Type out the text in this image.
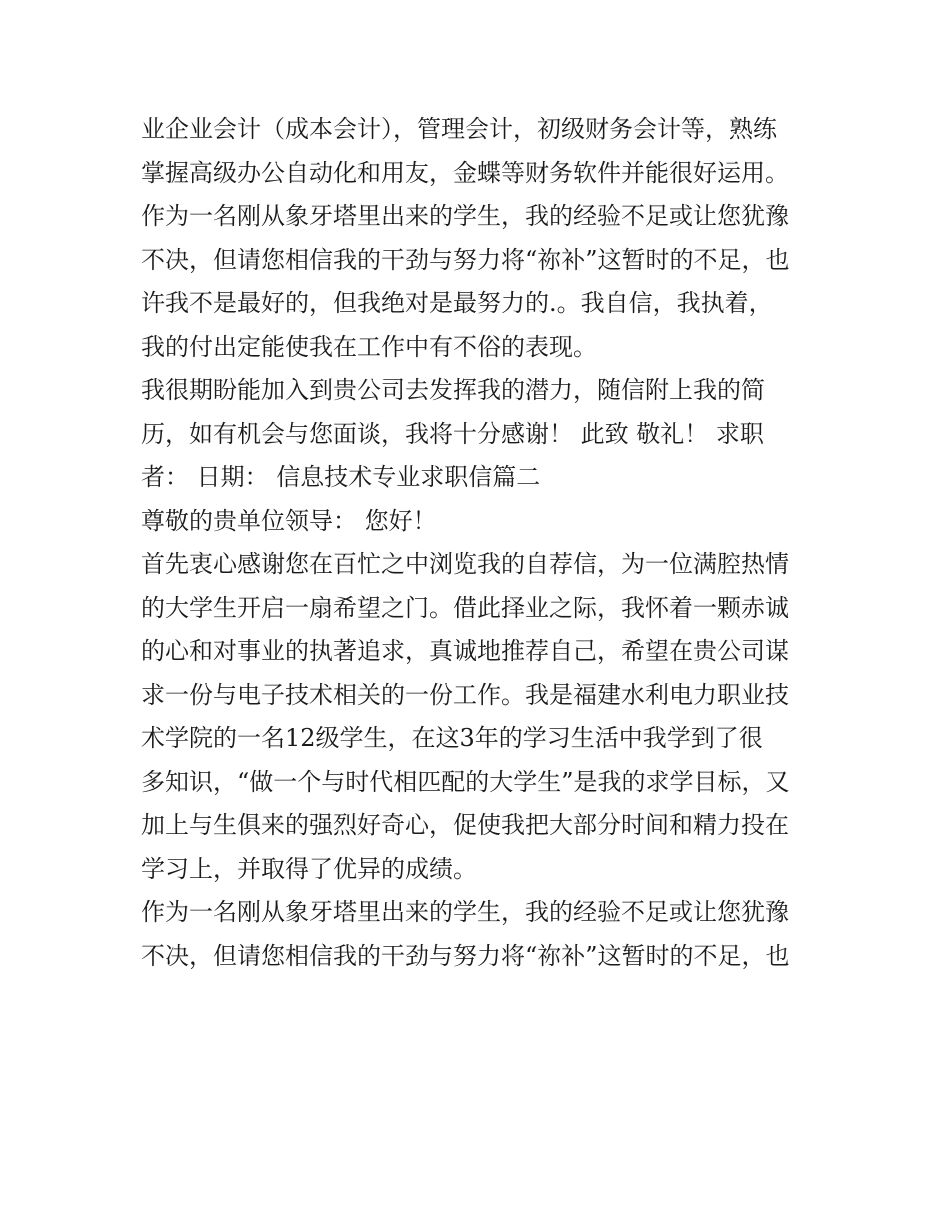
业企业会计（成本会计），管理会计，初级财务会计等，熟练
掌握高级办公自动化和用友，金蝶等财务软件并能很好运用。
作为一名刚从象牙塔里出来的学生，我的经验不足或让您犹豫
不决，但请您相信我的干劲与努力将“祢补”这暂时的不足，也
许我不是最好的，但我绝对是最努力的.。我自信，我执着，
我的付出定能使我在工作中有不俗的表现。
我很期盼能加入到贵公司去发挥我的潜力，随信附上我的简
历，如有机会与您面谈，我将十分感谢！ 此致 敬礼！ 求职
者： 日期： 信息技术专业求职信篇二
尊敬的贵单位领导： 您好！
首先衷心感谢您在百忙之中浏览我的自荐信，为一位满腔热情
的大学生开启一扇希望之门。借此择业之际，我怀着一颗赤诚
的心和对事业的执著追求，真诚地推荐自己，希望在贵公司谋
求一份与电子技术相关的一份工作。我是福建水利电力职业技
术学院的一名12级学生，在这3年的学习生活中我学到了很
多知识，“做一个与时代相匹配的大学生”是我的求学目标，又
加上与生俱来的强烈好奇心，促使我把大部分时间和精力投在
学习上，并取得了优异的成绩。
作为一名刚从象牙塔里出来的学生，我的经验不足或让您犹豫
不决，但请您相信我的干劲与努力将“祢补”这暂时的不足，也
